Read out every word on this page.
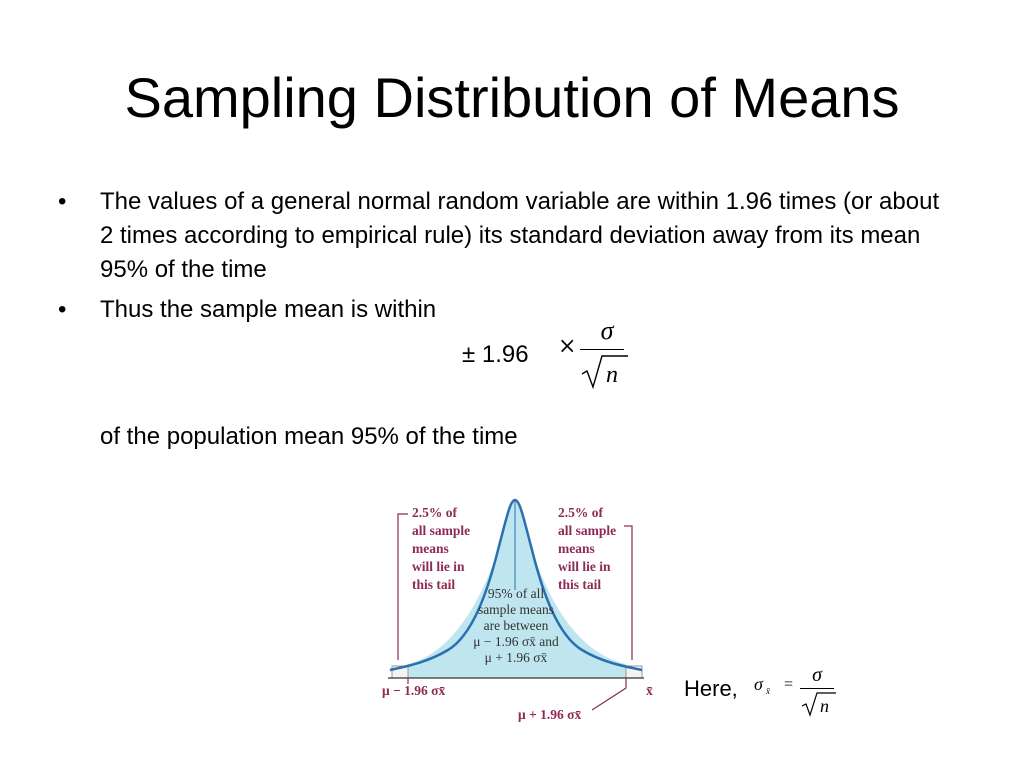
Sampling Distribution of Means
• The values of a general normal random variable are within 1.96 times (or about 2 times according to empirical rule) its standard deviation away from its mean 95% of the time
• Thus the sample mean is within
± 1.96 ×
σ
n
of the population mean 95% of the time
2.5% of
all sample
means
will lie in
this tail
2.5% of
all sample
means
will lie in
this tail
95% of all
sample means
are between
μ − 1.96 σx̄ and
μ + 1.96 σx̄
μ − 1.96 σx̄
μ + 1.96 σx̄
x̄ Here, σ x̄ = σ
n
